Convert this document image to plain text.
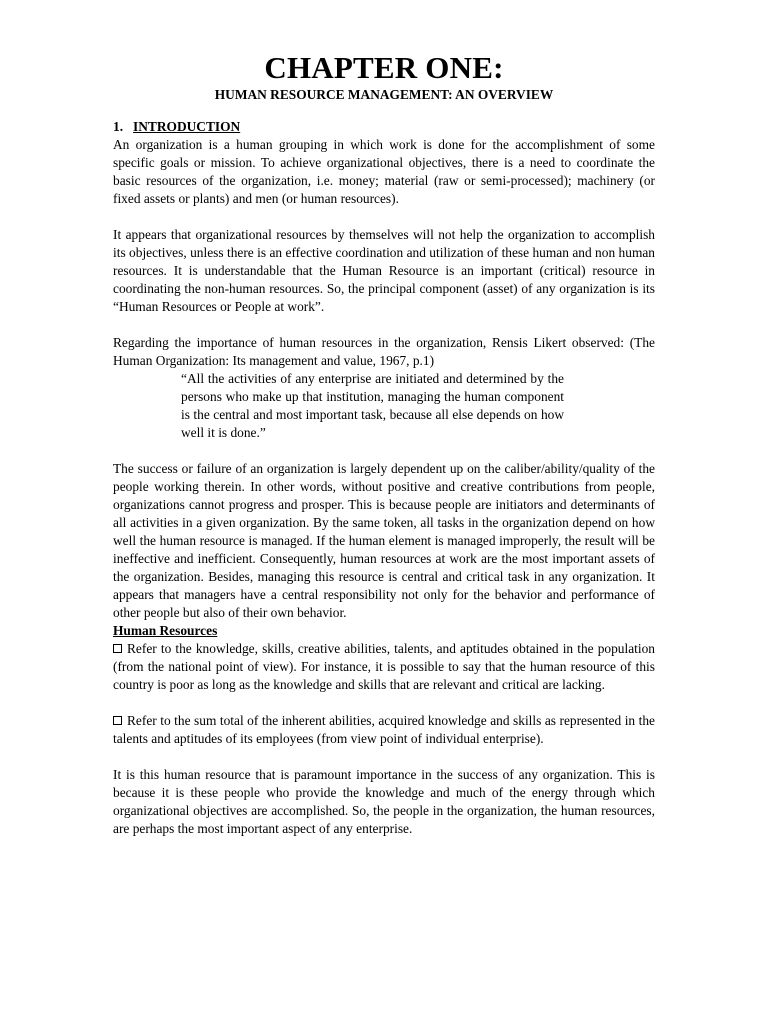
CHAPTER ONE:
HUMAN RESOURCE MANAGEMENT: AN OVERVIEW
1. INTRODUCTION

An organization is a human grouping in which work is done for the accomplishment of some specific goals or mission. To achieve organizational objectives, there is a need to coordinate the basic resources of the organization, i.e. money; material (raw or semi-processed); machinery (or fixed assets or plants) and men (or human resources).

It appears that organizational resources by themselves will not help the organization to accomplish its objectives, unless there is an effective coordination and utilization of these human and non human resources. It is understandable that the Human Resource is an important (critical) resource in coordinating the non-human resources. So, the principal component (asset) of any organization is its “Human Resources or People at work”.

Regarding the importance of human resources in the organization, Rensis Likert observed: (The Human Organization: Its management and value, 1967, p.1)

“All the activities of any enterprise are initiated and determined by the persons who make up that institution, managing the human component is the central and most important task, because all else depends on how well it is done.”

The success or failure of an organization is largely dependent up on the caliber/ability/quality of the people working therein. In other words, without positive and creative contributions from people, organizations cannot progress and prosper. This is because people are initiators and determinants of all activities in a given organization. By the same token, all tasks in the organization depend on how well the human resource is managed. If the human element is managed improperly, the result will be ineffective and inefficient. Consequently, human resources at work are the most important assets of the organization. Besides, managing this resource is central and critical task in any organization. It appears that managers have a central responsibility not only for the behavior and performance of other people but also of their own behavior.

Human Resources

Refer to the knowledge, skills, creative abilities, talents, and aptitudes obtained in the population (from the national point of view). For instance, it is possible to say that the human resource of this country is poor as long as the knowledge and skills that are relevant and critical are lacking.

Refer to the sum total of the inherent abilities, acquired knowledge and skills as represented in the talents and aptitudes of its employees (from view point of individual enterprise).

It is this human resource that is paramount importance in the success of any organization. This is because it is these people who provide the knowledge and much of the energy through which organizational objectives are accomplished. So, the people in the organization, the human resources, are perhaps the most important aspect of any enterprise.
